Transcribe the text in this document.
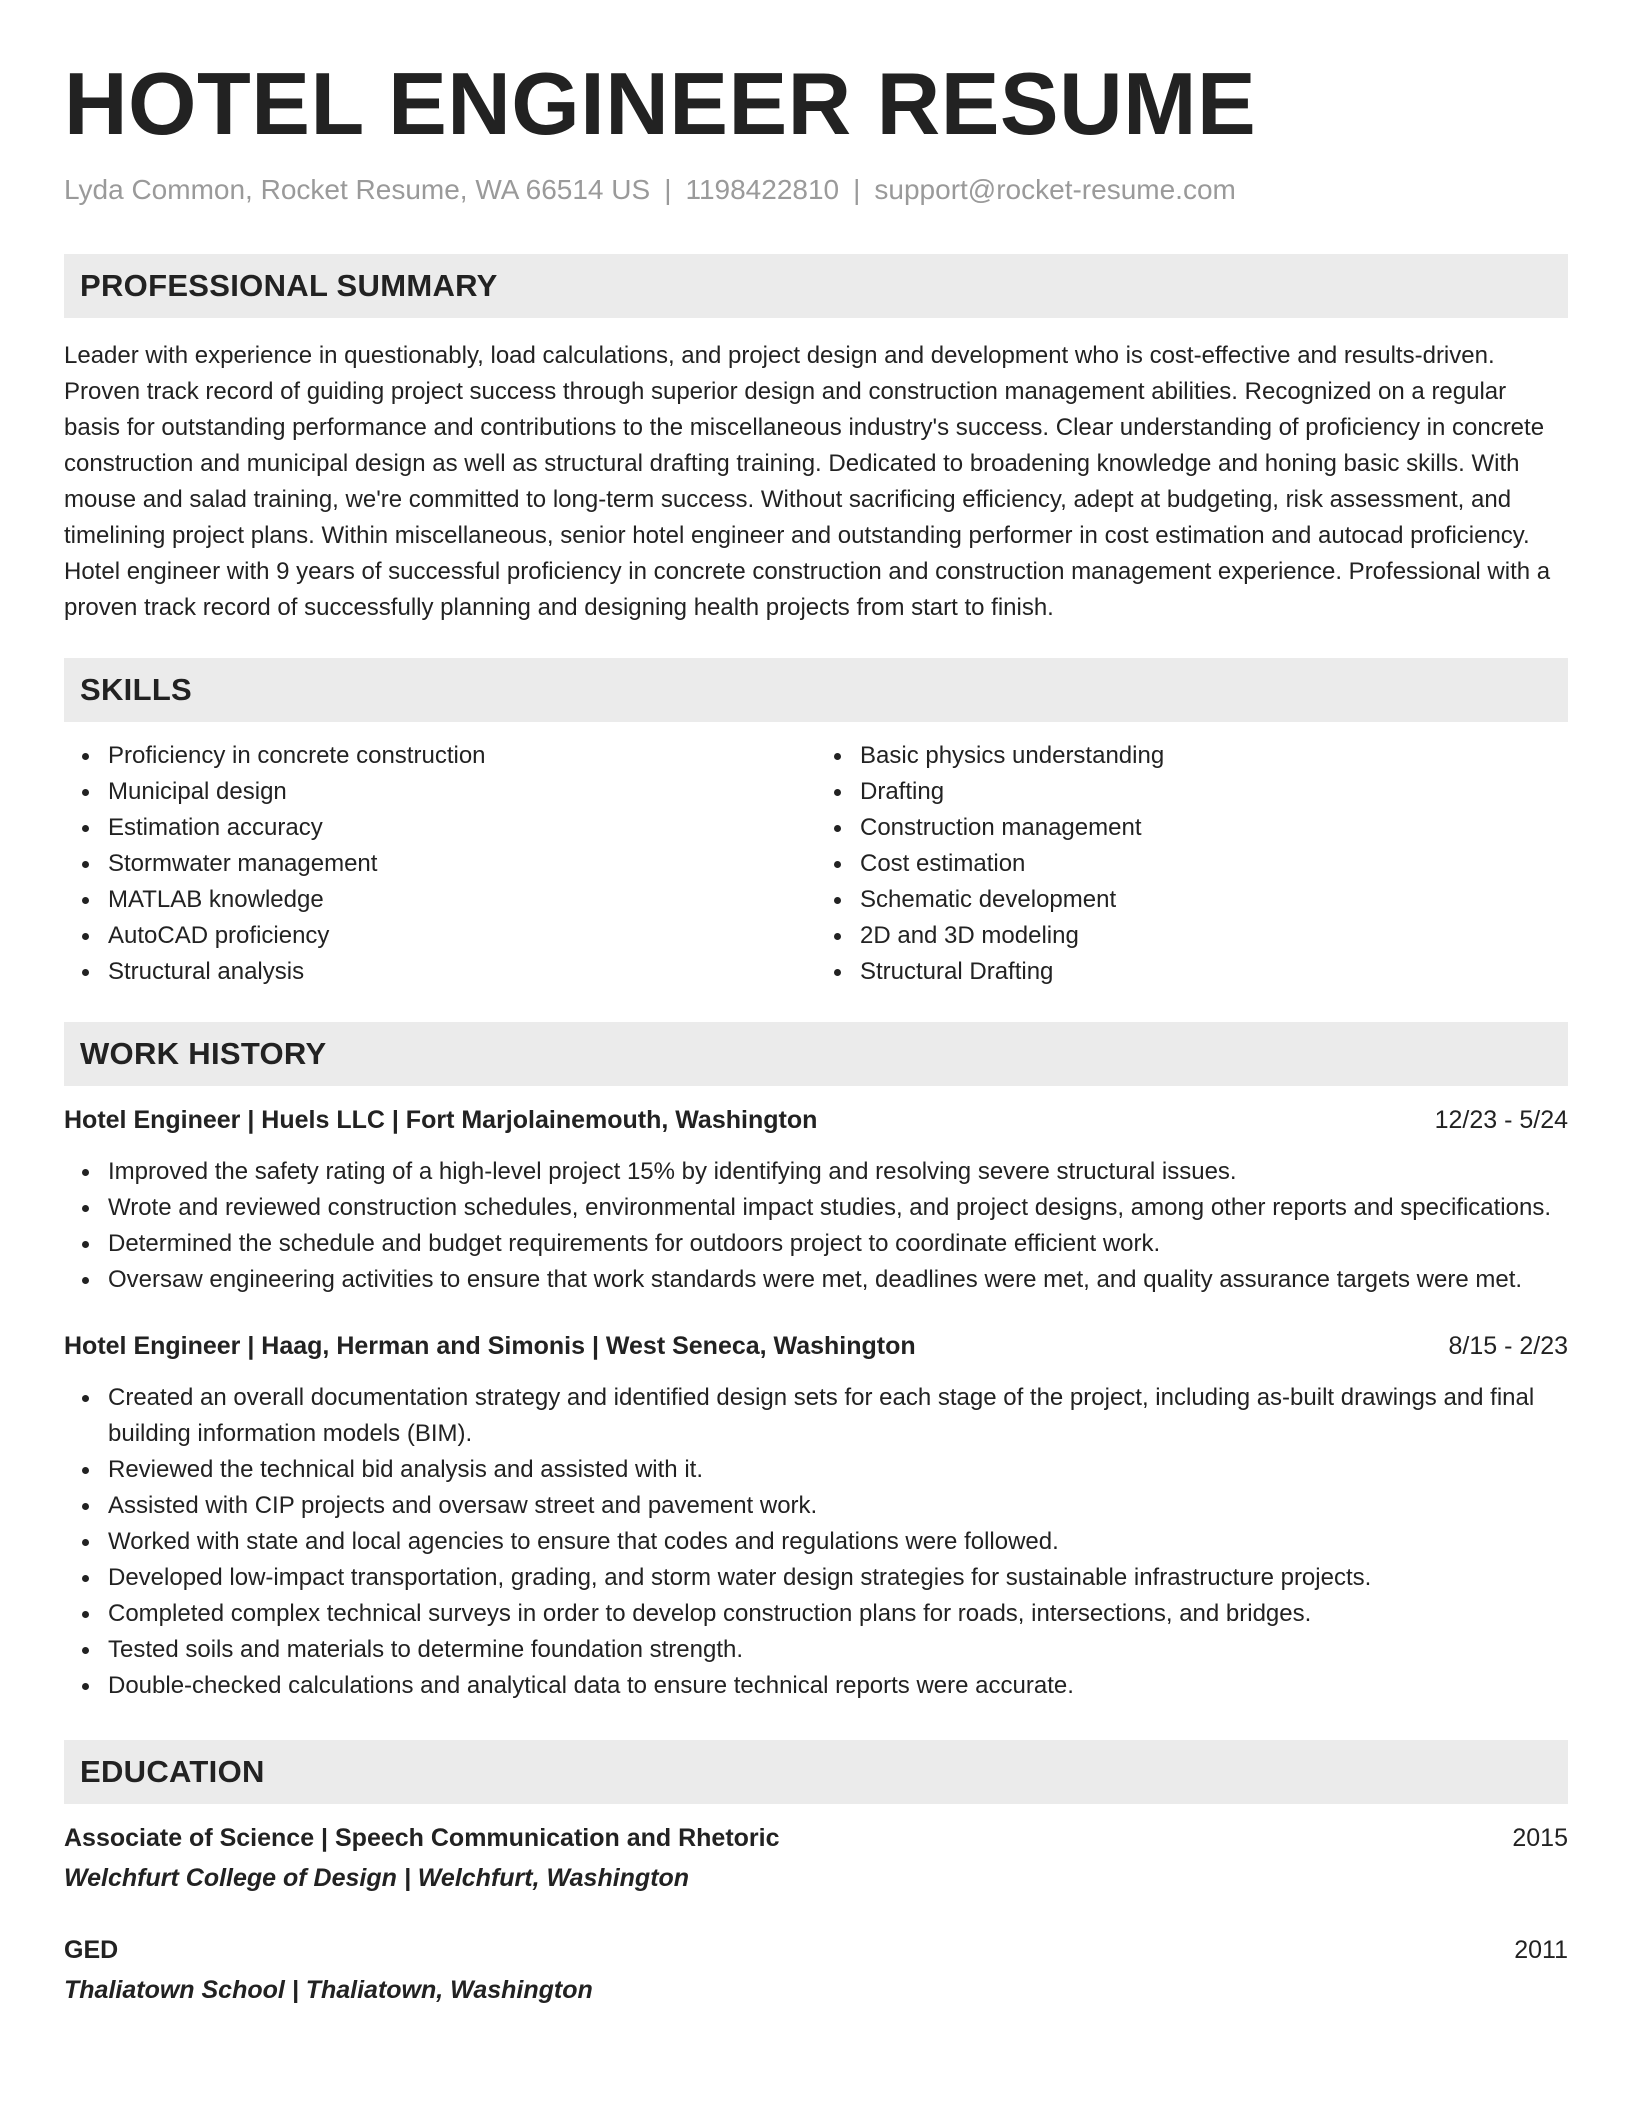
HOTEL ENGINEER RESUME
Lyda Common, Rocket Resume, WA 66514 US | 1198422810 | support@rocket-resume.com
PROFESSIONAL SUMMARY

Leader with experience in questionably, load calculations, and project design and development who is cost-effective and results-driven. Proven track record of guiding project success through superior design and construction management abilities. Recognized on a regular basis for outstanding performance and contributions to the miscellaneous industry's success. Clear understanding of proficiency in concrete construction and municipal design as well as structural drafting training. Dedicated to broadening knowledge and honing basic skills. With mouse and salad training, we're committed to long-term success. Without sacrificing efficiency, adept at budgeting, risk assessment, and timelining project plans. Within miscellaneous, senior hotel engineer and outstanding performer in cost estimation and autocad proficiency. Hotel engineer with 9 years of successful proficiency in concrete construction and construction management experience. Professional with a proven track record of successfully planning and designing health projects from start to finish.

SKILLS
Proficiency in concrete construction
Municipal design
Estimation accuracy
Stormwater management
MATLAB knowledge
AutoCAD proficiency
Structural analysis
Basic physics understanding
Drafting
Construction management
Cost estimation
Schematic development
2D and 3D modeling
Structural Drafting
WORK HISTORY
Hotel Engineer | Huels LLC | Fort Marjolainemouth, Washington	12/23 - 5/24
Improved the safety rating of a high-level project 15% by identifying and resolving severe structural issues.
Wrote and reviewed construction schedules, environmental impact studies, and project designs, among other reports and specifications.
Determined the schedule and budget requirements for outdoors project to coordinate efficient work.
Oversaw engineering activities to ensure that work standards were met, deadlines were met, and quality assurance targets were met.
Hotel Engineer | Haag, Herman and Simonis | West Seneca, Washington	8/15 - 2/23
Created an overall documentation strategy and identified design sets for each stage of the project, including as-built drawings and final building information models (BIM).
Reviewed the technical bid analysis and assisted with it.
Assisted with CIP projects and oversaw street and pavement work.
Worked with state and local agencies to ensure that codes and regulations were followed.
Developed low-impact transportation, grading, and storm water design strategies for sustainable infrastructure projects.
Completed complex technical surveys in order to develop construction plans for roads, intersections, and bridges.
Tested soils and materials to determine foundation strength.
Double-checked calculations and analytical data to ensure technical reports were accurate.
EDUCATION
Associate of Science | Speech Communication and Rhetoric	2015
Welchfurt College of Design | Welchfurt, Washington
GED	2011
Thaliatown School | Thaliatown, Washington
